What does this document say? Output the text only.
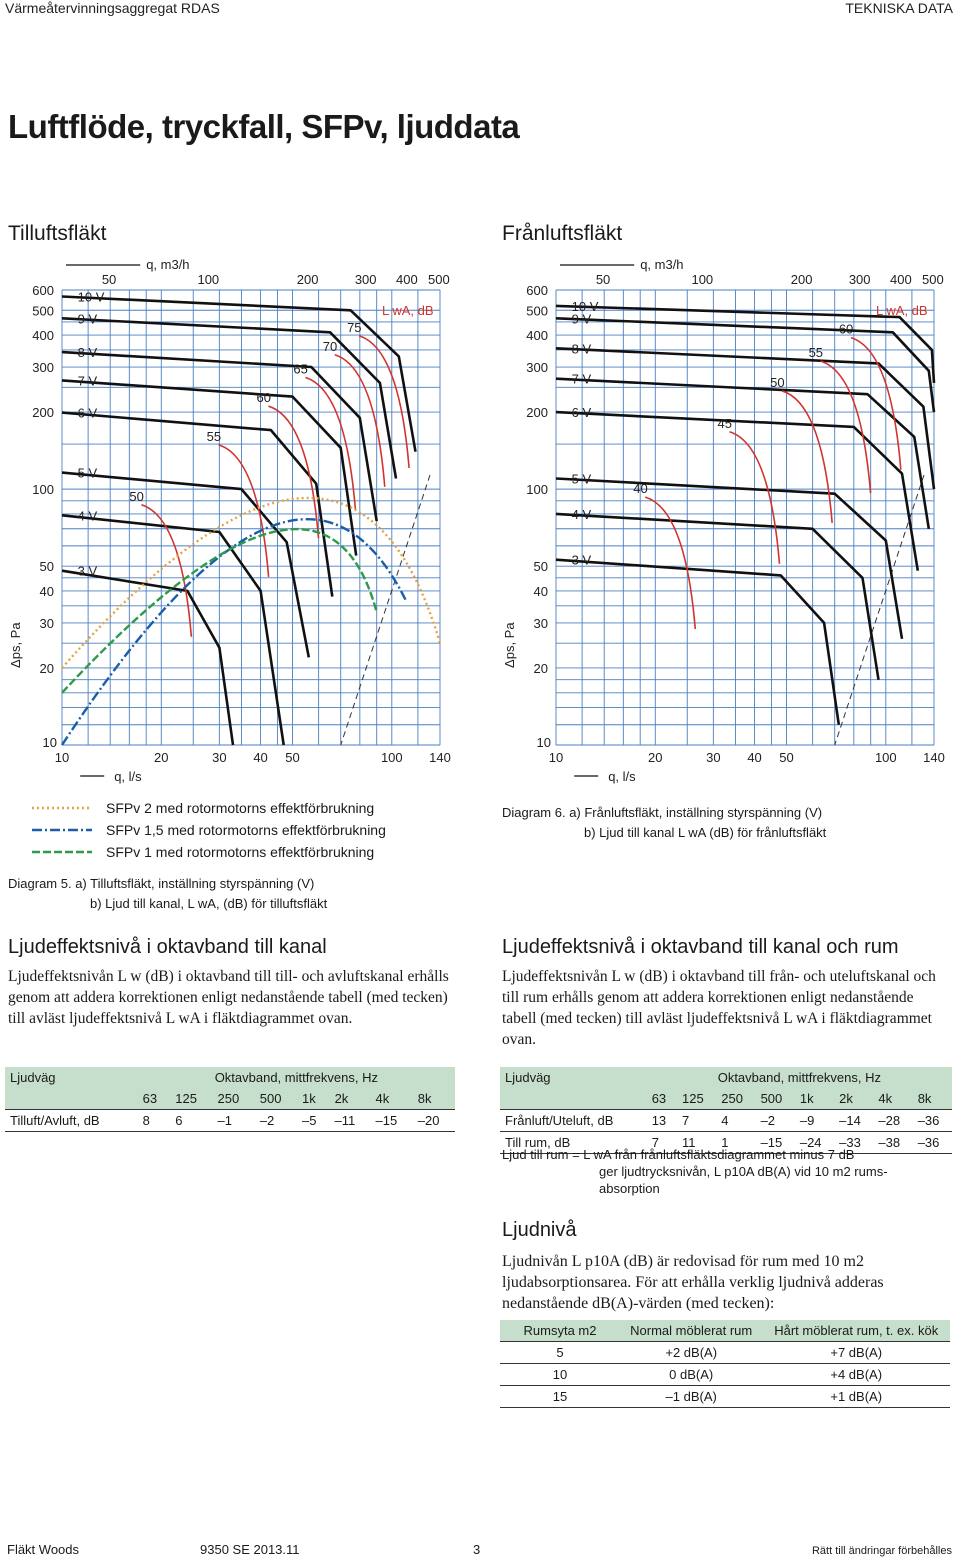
Värmeåtervinningsaggregat RDAS	TEKNISKA DATA
Luftflöde, tryckfall, SFPv, ljuddata
Tilluftsfläkt	Frånluftsfläkt
10	20	30 40 50	100 140
10
20
30
40
50
100
200
300
400
500
600
50	100	200	300 400 500
q, l/s
q, m3/h
Δps, Pa
3 V
4 V
5 V
6 V
7 V
8 V
9 V
10 V
50
55
60
65
70
75
L wA, dB
10	20	30 40 50	100 140
10
20
30
40
50
100
200
300
400
500
600
50	100	200	300 400 500
q, l/s
q, m3/h
Δps, Pa
3 V
4 V
5 V
6 V
7 V
8 V
9 V
10 V
40
45
50
55
60
L wA, dB
SFPv 2 med rotormotorns effektförbrukning
SFPv 1,5 med rotormotorns effektförbrukning
SFPv 1 med rotormotorns effektförbrukning
Diagram 5. a) Tilluftsfläkt, inställning styrspänning (V)
b) Ljud till kanal, L wA, (dB) för tilluftsfläkt
Diagram 6. a) Frånluftsfläkt, inställning styrspänning (V)
b) Ljud till kanal L wA (dB) för frånluftsfläkt
Ljudeffektsnivå i oktavband till kanal
Ljudeffektsnivån L w (dB) i oktavband till till- och avluftskanal erhålls genom att addera korrektionen enligt nedanstående tabell (med tecken) till avläst ljudeffektsnivå L wA i fläktdiagrammet ovan.
Ljudväg	Oktavband, mittfrekvens, Hz							
	63	125	250	500	1k	2k	4k	8k
Tilluft/Avluft, dB	8	6	–1	–2	–5	–11	–15	–20
Ljudeffektsnivå i oktavband till kanal och rum
Ljudeffektsnivån L w (dB) i oktavband till från- och uteluftskanal och till rum erhålls genom att addera korrektionen enligt nedanstående tabell (med tecken) till avläst ljudeffektsnivå L wA i fläktdiagrammet ovan.
Ljudväg	Oktavband, mittfrekvens, Hz							
	63	125	250	500	1k	2k	4k	8k
Frånluft/Uteluft, dB	13	7	4	–2	–9	–14	–28	–36
Till rum, dB	7	11	1	–15	–24	–33	–38	–36
Ljud till rum = L wA från frånluftsfläktsdiagrammet minus 7 dB
ger ljudtrycksnivån, L p10A dB(A) vid 10 m2 rums-
absorption
Ljudnivå
Ljudnivån L p10A (dB) är redovisad för rum med 10 m2 ljudabsorptionsarea. För att erhålla verklig ljudnivå adderas nedanstående dB(A)-värden (med tecken):
Rumsyta m2	Normal möblerat rum	Hårt möblerat rum, t. ex. kök
5	+2 dB(A)	+7 dB(A)
10	0 dB(A)	+4 dB(A)
15	–1 dB(A)	+1 dB(A)
Fläkt Woods	9350 SE 2013.11	3	Rätt till ändringar förbehålles
